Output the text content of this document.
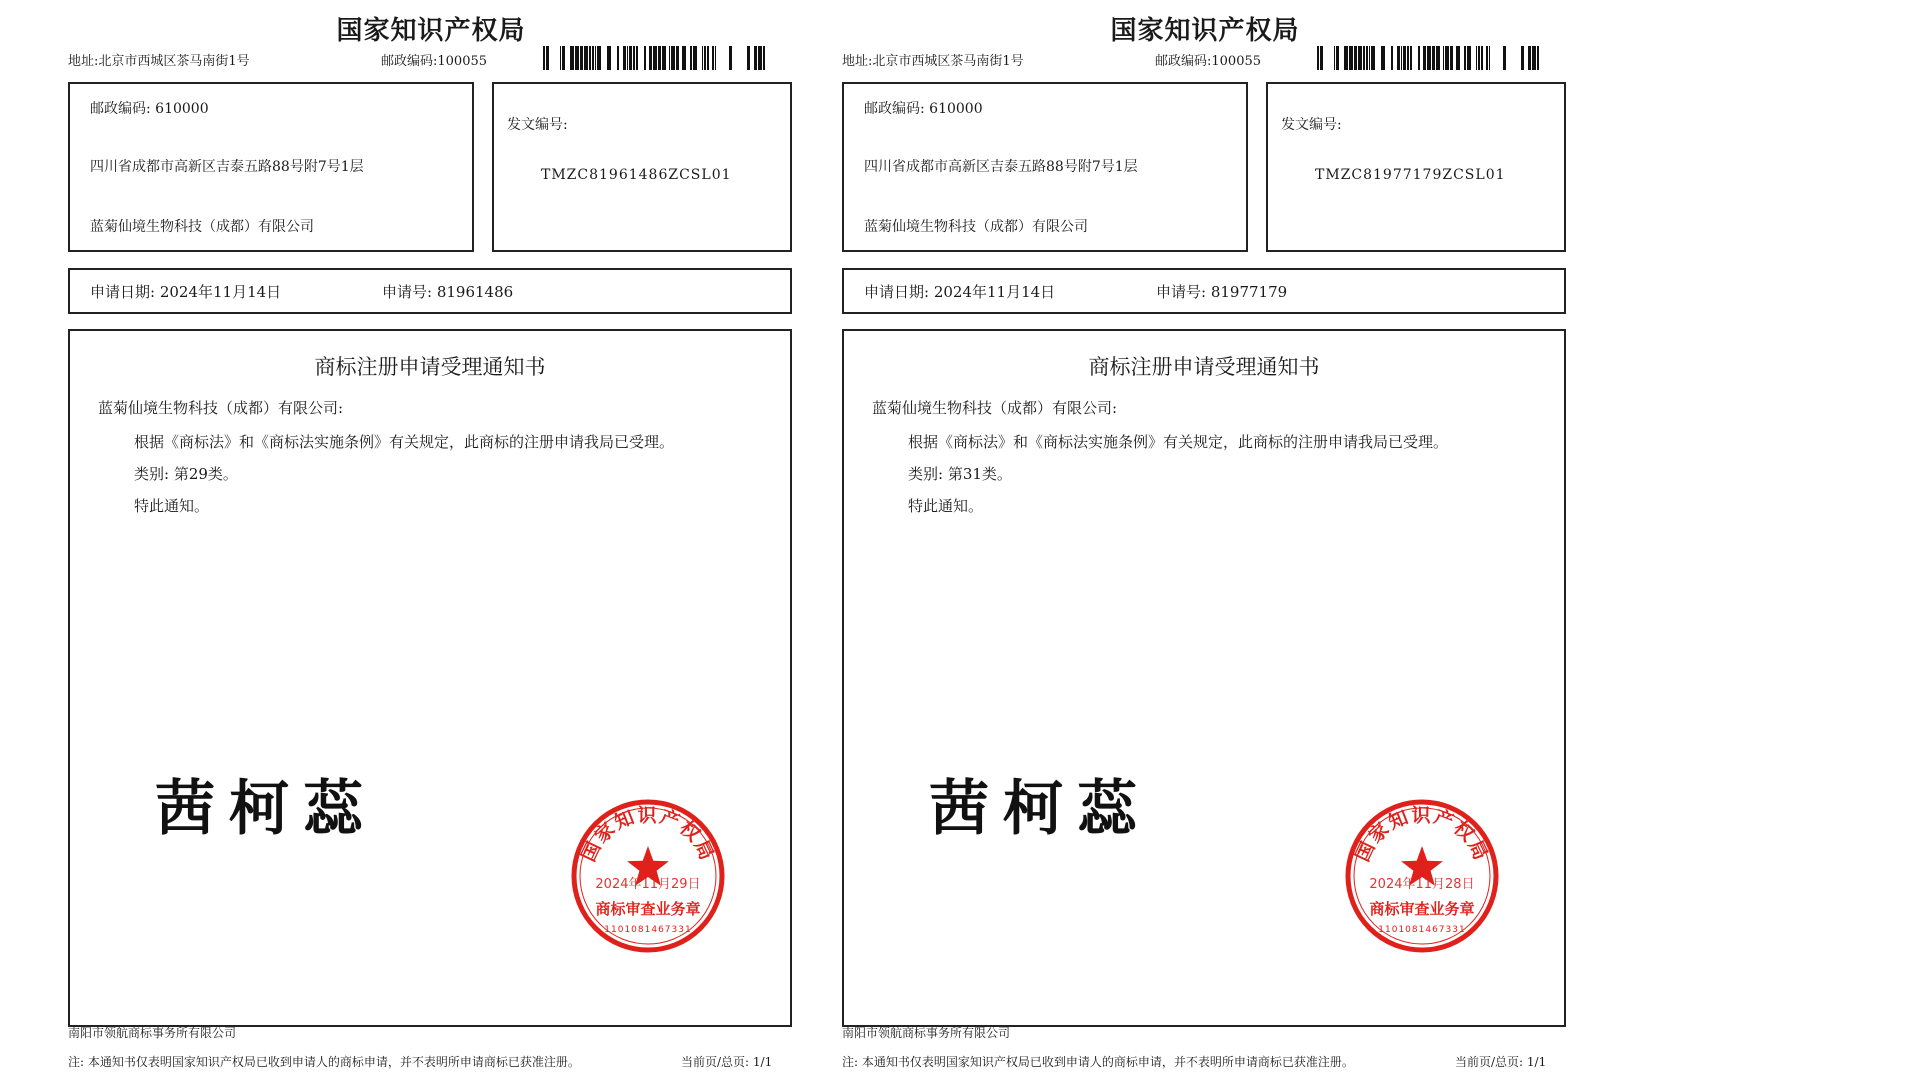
国家知识产权局
地址:北京市西城区茶马南街1号	邮政编码:100055
邮政编码: 610000
四川省成都市高新区吉泰五路88号附7号1层
蓝菊仙境生物科技（成都）有限公司
发文编号:
TMZC81961486ZCSL01
申请日期: 2024年11月14日	申请号: 81961486
商标注册申请受理通知书
蓝菊仙境生物科技（成都）有限公司:
根据《商标法》和《商标法实施条例》有关规定，此商标的注册申请我局已受理。
类别: 第29类。
特此通知。
茜柯蕊
国家知识产权局
2024年11月29日
商标审查业务章
1101081467331
南阳市领航商标事务所有限公司
注: 本通知书仅表明国家知识产权局已收到申请人的商标申请，并不表明所申请商标已获准注册。	当前页/总页: 1/1
国家知识产权局
地址:北京市西城区茶马南街1号	邮政编码:100055
邮政编码: 610000
四川省成都市高新区吉泰五路88号附7号1层
蓝菊仙境生物科技（成都）有限公司
发文编号:
TMZC81977179ZCSL01
申请日期: 2024年11月14日	申请号: 81977179
商标注册申请受理通知书
蓝菊仙境生物科技（成都）有限公司:
根据《商标法》和《商标法实施条例》有关规定，此商标的注册申请我局已受理。
类别: 第31类。
特此通知。
茜柯蕊
国家知识产权局
2024年11月28日
商标审查业务章
1101081467331
南阳市领航商标事务所有限公司
注: 本通知书仅表明国家知识产权局已收到申请人的商标申请，并不表明所申请商标已获准注册。	当前页/总页: 1/1
